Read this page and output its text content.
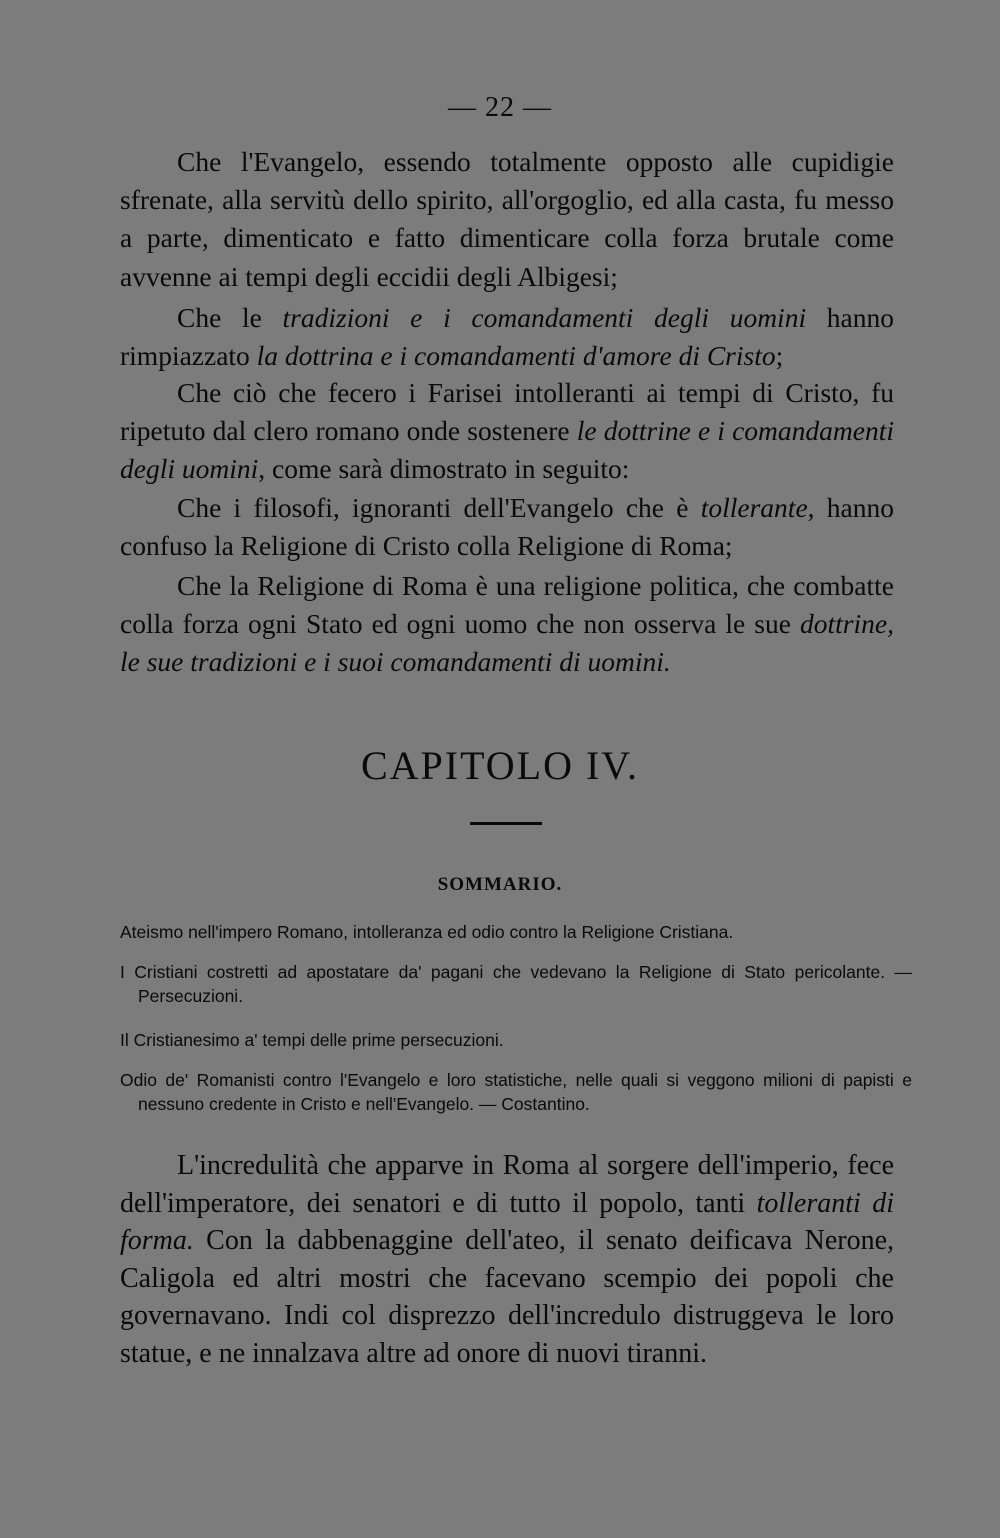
— 22 —
Che l'Evangelo, essendo totalmente opposto alle cupidigie sfrenate, alla servitù dello spirito, all'orgoglio, ed alla casta, fu messo a parte, dimenticato e fatto dimenticare colla forza brutale come avvenne ai tempi degli eccidii degli Albigesi;
Che le tradizioni e i comandamenti degli uomini hanno rimpiazzato la dottrina e i comandamenti d'amore di Cristo;
Che ciò che fecero i Farisei intolleranti ai tempi di Cristo, fu ripetuto dal clero romano onde sostenere le dottrine e i comandamenti degli uomini, come sarà dimostrato in seguito:
Che i filosofi, ignoranti dell'Evangelo che è tollerante, hanno confuso la Religione di Cristo colla Religione di Roma;
Che la Religione di Roma è una religione politica, che combatte colla forza ogni Stato ed ogni uomo che non osserva le sue dottrine, le sue tradizioni e i suoi comandamenti di uomini.
CAPITOLO IV.
SOMMARIO.
Ateismo nell'impero Romano, intolleranza ed odio contro la Religione Cristiana.
I Cristiani costretti ad apostatare da' pagani che vedevano la Religione di Stato pericolante. — Persecuzioni.
Il Cristianesimo a' tempi delle prime persecuzioni.
Odio de' Romanisti contro l'Evangelo e loro statistiche, nelle quali si veggono milioni di papisti e nessuno credente in Cristo e nell'Evangelo. — Costantino.
L'incredulità che apparve in Roma al sorgere dell'imperio, fece dell'imperatore, dei senatori e di tutto il popolo, tanti tolleranti di forma. Con la dabbenaggine dell'ateo, il senato deificava Nerone, Caligola ed altri mostri che facevano scempio dei popoli che governavano. Indi col disprezzo dell'incredulo distruggeva le loro statue, e ne innalzava altre ad onore di nuovi tiranni.
